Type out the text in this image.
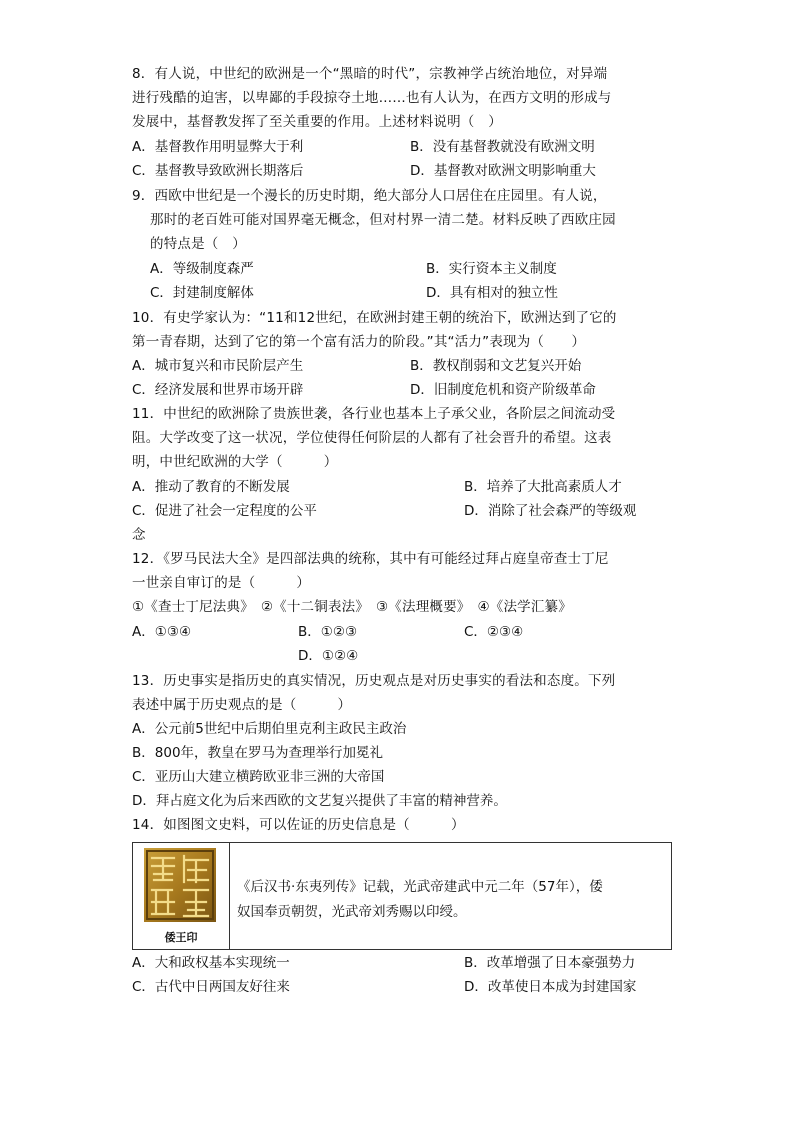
8．有人说，中世纪的欧洲是一个“黑暗的时代”，宗教神学占统治地位，对异端
进行残酷的迫害，以卑鄙的手段掠夺土地……也有人认为，在西方文明的形成与
发展中，基督教发挥了至关重要的作用。上述材料说明（　）
A．基督教作用明显弊大于利	B．没有基督教就没有欧洲文明
C．基督教导致欧洲长期落后	D．基督教对欧洲文明影响重大
9．西欧中世纪是一个漫长的历史时期，绝大部分人口居住在庄园里。有人说，
那时的老百姓可能对国界毫无概念，但对村界一清二楚。材料反映了西欧庄园
的特点是（　）
A．等级制度森严	B．实行资本主义制度
C．封建制度解体	D．具有相对的独立性
10．有史学家认为：“11和12世纪，在欧洲封建王朝的统治下，欧洲达到了它的
第一青春期，达到了它的第一个富有活力的阶段。”其“活力”表现为（　　）
A．城市复兴和市民阶层产生	B．教权削弱和文艺复兴开始
C．经济发展和世界市场开辟	D．旧制度危机和资产阶级革命
11．中世纪的欧洲除了贵族世袭，各行业也基本上子承父业，各阶层之间流动受
阻。大学改变了这一状况，学位使得任何阶层的人都有了社会晋升的希望。这表
明，中世纪欧洲的大学（　　　）
A．推动了教育的不断发展	B．培养了大批高素质人才
C．促进了社会一定程度的公平	D．消除了社会森严的等级观
念
12．《罗马民法大全》是四部法典的统称，其中有可能经过拜占庭皇帝查士丁尼
一世亲自审订的是（　　　）
①《查士丁尼法典》　②《十二铜表法》　③《法理概要》　④《法学汇纂》
A．①③④	B．①②③	C．②③④
D．①②④
13．历史事实是指历史的真实情况，历史观点是对历史事实的看法和态度。下列
表述中属于历史观点的是（　　　）
A．公元前5世纪中后期伯里克利主政民主政治
B．800年，教皇在罗马为查理举行加冕礼
C．亚历山大建立横跨欧亚非三洲的大帝国
D．拜占庭文化为后来西欧的文艺复兴提供了丰富的精神营养。
14．如图图文史料，可以佐证的历史信息是（　　　）
倭王印
《后汉书·东夷列传》记载，光武帝建武中元二年（57年），倭
奴国奉贡朝贺，光武帝刘秀赐以印绶。
A．大和政权基本实现统一	B．改革增强了日本豪强势力
C．古代中日两国友好往来	D．改革使日本成为封建国家
